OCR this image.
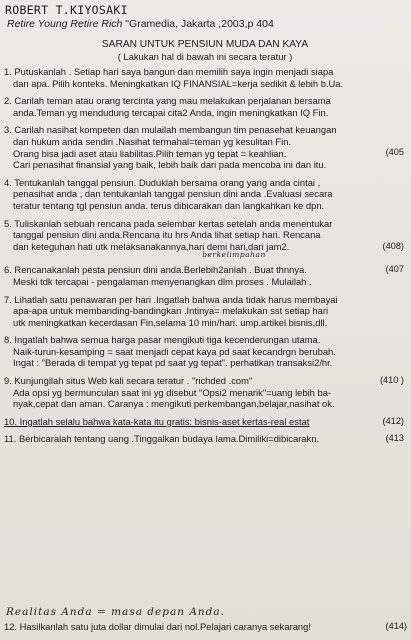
ROBERT T.KIYOSAKI
Retire Young Retire Rich "Gramedia, Jakarta ,2003,p 404
SARAN UNTUK PENSIUN MUDA DAN KAYA
( Lakukan hal di bawah ini secara teratur )
1. Putuskanlah . Setiap hari saya bangun dan memilih saya ingin menjadi siapa
dan apa. Pilih konteks. Meningkatkan IQ FINANSIAL=kerja sedikit & lebih b.Ua.
2. Carilah teman atau orang tercinta yang mau melakukan perjalanan bersama
anda.Teman yg mendudung tercapai cita2 Anda, ingin meningkatkan IQ Fin.
3. Carilah nasihat kompeten dan mulailah membangun tim penasehat keuangan
dan hukum anda sendiri .Nasihat termahal=teman yg kesulitan Fin.
Orang bisa jadi aset atau liabilitas.Pilih teman yg tepat = keahlian.	(405
Cari penasihat finansial yang baik, lebih baik dari pada mencoba ini dan itu.
4. Tentukanlah tanggal pensiun. Duduklah bersama orang yang anda cintai ,
penasihat anda , dan tentukanlah tanggal pensiun dini anda .Evaluasi secara
teratur tentang tgl pensiun anda. terus dibicarakan dan langkahkan ke dpn.
5. Tuliskanlah sebuah rencana pada selembar kertas setelah anda menentukar
tanggal pensiun dini anda.Rencana itu hrs Anda lihat setiap hari. Rencana
dan keteguhan hati utk melaksanakannya,hari demi hari,dari jam2.	(408)
berkelimpahan
6. Rencanakanlah pesta pensiun dini anda.Berlebih2anlah . Buat thnnya.	(407
Meski tdk tercapai - pengalaman menyenangkan dlm proses . Mulailah .
7. Lihatlah satu penawaran per hari .Ingatlah bahwa anda tidak harus membayai
apa-apa untuk membanding-bandingkan .Intinya= melakukan sst setiap hari
utk meningkatkan kecerdasan Fin,selama 10 min/hari. ump.artikel bisnis,dll.
8. Ingatlah bahwa semua harga pasar mengikuti tiga kecenderungan utama.
Naik-turun-kesamping = saat menjadi cepat kaya pd saat kecandrgn berubah.
Ingat : "Berada di tempat yg tepat pd saat yg tepat". perhatikan transaksi2/hr.
9. Kunjungilah situs Web kali secara teratur . "richded .com"	(410 )
Ada opsi yg bermunculan saat ini yg disebut "Opsi2 menarik"=uang lebih ba-
nyak,cepat dan aman. Caranya : mengikuti perkembangan,belajar,nasihat ok.
10. Ingatlah selalu bahwa kata-kata itu gratis: bisnis-aset kertas-real estat	(412)
11. Berbicaralah tentang uang .Tinggalkan budaya lama.Dimiliki=dibicarakn.	(413
Realitas Anda = masa depan Anda.
12. Hasilkanlah satu juta dollar dimulai dari nol.Pelajari caranya sekarang!	(414)
